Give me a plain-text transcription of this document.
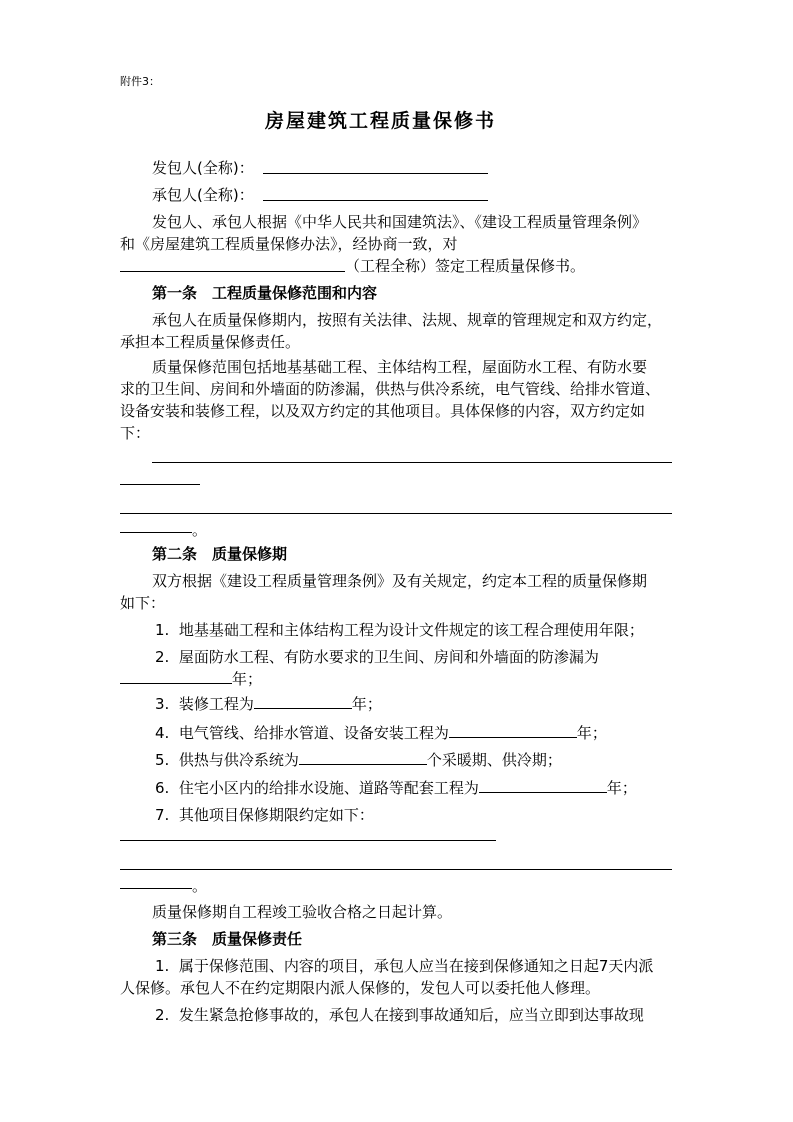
附件3：
房屋建筑工程质量保修书
发包人(全称)：
承包人(全称)：
发包人、承包人根据《中华人民共和国建筑法》、《建设工程质量管理条例》
和《房屋建筑工程质量保修办法》，经协商一致，对
（工程全称）签定工程质量保修书。
第一条　工程质量保修范围和内容
承包人在质量保修期内，按照有关法律、法规、规章的管理规定和双方约定，
承担本工程质量保修责任。
质量保修范围包括地基基础工程、主体结构工程，屋面防水工程、有防水要
求的卫生间、房间和外墙面的防渗漏，供热与供冷系统，电气管线、给排水管道、
设备安装和装修工程，以及双方约定的其他项目。具体保修的内容，双方约定如
下：
。
第二条　质量保修期
双方根据《建设工程质量管理条例》及有关规定，约定本工程的质量保修期
如下：
1. 地基基础工程和主体结构工程为设计文件规定的该工程合理使用年限；
2. 屋面防水工程、有防水要求的卫生间、房间和外墙面的防渗漏为
年；
3. 装修工程为	年；
4. 电气管线、给排水管道、设备安装工程为	年；
5. 供热与供冷系统为	个采暖期、供冷期；
6. 住宅小区内的给排水设施、道路等配套工程为	年；
7. 其他项目保修期限约定如下：
。
质量保修期自工程竣工验收合格之日起计算。
第三条　质量保修责任
1. 属于保修范围、内容的项目，承包人应当在接到保修通知之日起7天内派
人保修。承包人不在约定期限内派人保修的，发包人可以委托他人修理。
2. 发生紧急抢修事故的，承包人在接到事故通知后，应当立即到达事故现
